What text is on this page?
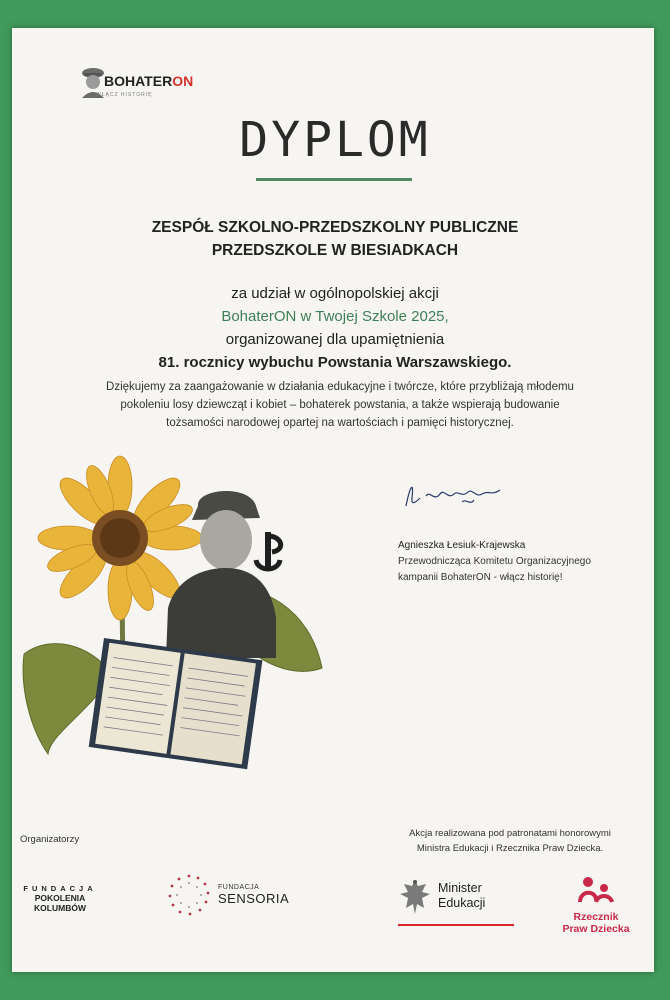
BOHATERON
WŁĄCZ HISTORIĘ
DYPLOM
ZESPÓŁ SZKOLNO-PRZEDSZKOLNY PUBLICZNE
PRZEDSZKOLE W BIESIADKACH
za udział w ogólnopolskiej akcji
BohaterON w Twojej Szkole 2025,
organizowanej dla upamiętnienia
81. rocznicy wybuchu Powstania Warszawskiego.
Dziękujemy za zaangażowanie w działania edukacyjne i twórcze, które przybliżają młodemu
pokoleniu losy dziewcząt i kobiet – bohaterek powstania, a także wspierają budowanie
tożsamości narodowej opartej na wartościach i pamięci historycznej.
Agnieszka Łesiuk-Krajewska
Przewodnicząca Komitetu Organizacyjnego
kampanii BohaterON - włącz historię!
Organizatorzy
Akcja realizowana pod patronatami honorowymi
Ministra Edukacji i Rzecznika Praw Dziecka.
FUNDACJA
POKOLENIA KOLUMBÓW
FUNDACJA
SENSORIA
Minister
Edukacji
Rzecznik
Praw Dziecka
